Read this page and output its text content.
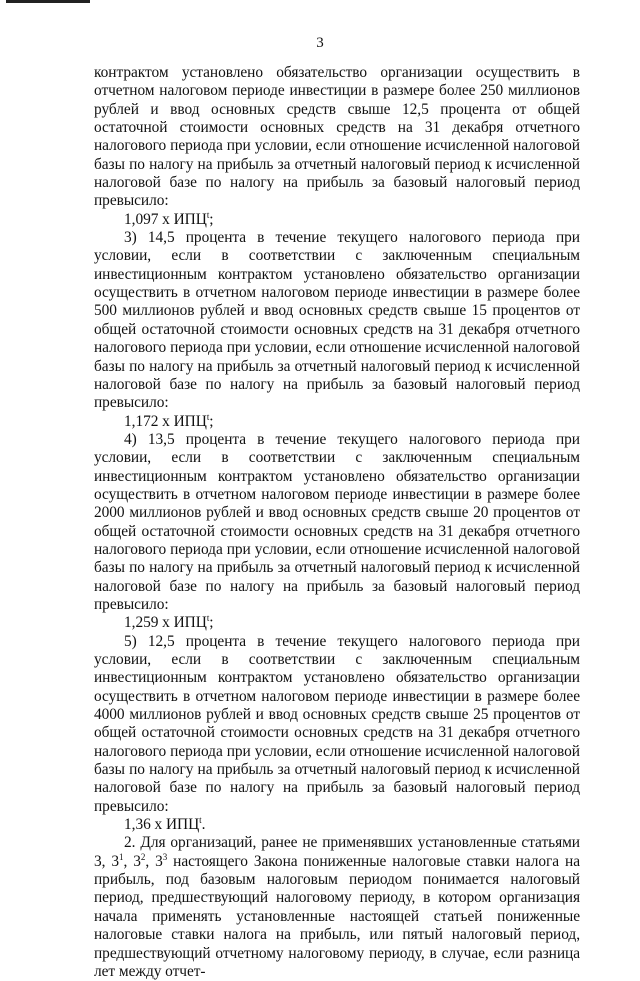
3

контрактом установлено обязательство организации осуществить в отчетном налоговом периоде инвестиции в размере более 250 миллионов рублей и ввод основных средств свыше 12,5 процента от общей остаточной стоимости основных средств на 31 декабря отчетного налогового периода при условии, если отношение исчисленной налоговой базы по налогу на прибыль за отчетный налоговый период к исчисленной налоговой базе по налогу на прибыль за базовый налоговый период превысило:

1,097 x ИПЦ$^t$;

3) 14,5 процента в течение текущего налогового периода при условии, если в соответствии с заключенным специальным инвестиционным контрактом установлено обязательство организации осуществить в отчетном налоговом периоде инвестиции в размере более 500 миллионов рублей и ввод основных средств свыше 15 процентов от общей остаточной стоимости основных средств на 31 декабря отчетного налогового периода при условии, если отношение исчисленной налоговой базы по налогу на прибыль за отчетный налоговый период к исчисленной налоговой базе по налогу на прибыль за базовый налоговый период превысило:

1,172 x ИПЦ$^t$;

4) 13,5 процента в течение текущего налогового периода при условии, если в соответствии с заключенным специальным инвестиционным контрактом установлено обязательство организации осуществить в отчетном налоговом периоде инвестиции в размере более 2000 миллионов рублей и ввод основных средств свыше 20 процентов от общей остаточной стоимости основных средств на 31 декабря отчетного налогового периода при условии, если отношение исчисленной налоговой базы по налогу на прибыль за отчетный налоговый период к исчисленной налоговой базе по налогу на прибыль за базовый налоговый период превысило:

1,259 x ИПЦ$^t$;

5) 12,5 процента в течение текущего налогового периода при условии, если в соответствии с заключенным специальным инвестиционным контрактом установлено обязательство организации осуществить в отчетном налоговом периоде инвестиции в размере более 4000 миллионов рублей и ввод основных средств свыше 25 процентов от общей остаточной стоимости основных средств на 31 декабря отчетного налогового периода при условии, если отношение исчисленной налоговой базы по налогу на прибыль за отчетный налоговый период к исчисленной налоговой базе по налогу на прибыль за базовый налоговый период превысило:

1,36 x ИПЦ$^t$.

2. Для организаций, ранее не применявших установленные статьями 3, $3^1$, $3^2$, $3^3$ настоящего Закона пониженные налоговые ставки налога на прибыль, под базовым налоговым периодом понимается налоговый период, предшествующий налоговому периоду, в котором организация начала применять установленные настоящей статьей пониженные налоговые ставки налога на прибыль, или пятый налоговый период, предшествующий отчетному налоговому периоду, в случае, если разница лет между отчет-
